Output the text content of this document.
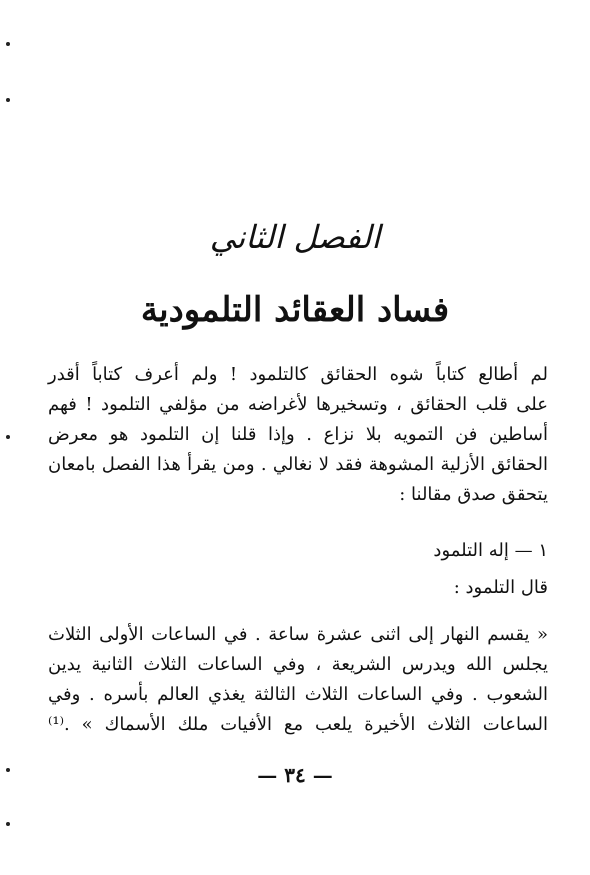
الفصل الثاني
فساد العقائد التلمودية
لم أطالع كتاباً شوه الحقائق كالتلمود ! ولم أعرف كتاباً أقدر
على قلب الحقائق ، وتسخيرها لأغراضه من مؤلفي التلمود ! فهم
أساطين فن التمويه بلا نزاع . وإذا قلنا إن التلمود هو معرض
الحقائق الأزلية المشوهة فقد لا نغالي . ومن يقرأ هذا الفصل بامعان
يتحقق صدق مقالنا :
١ — إله التلمود
قال التلمود :
« يقسم النهار إلى اثنى عشرة ساعة . في الساعات الأولى الثلاث
يجلس الله ويدرس الشريعة ، وفي الساعات الثلاث الثانية يدين
الشعوب . وفي الساعات الثلاث الثالثة يغذي العالم بأسره . وفي
الساعات الثلاث الأخيرة يلعب مع الأفيات ملك الأسماك » .⁽¹⁾
— ٣٤ —
